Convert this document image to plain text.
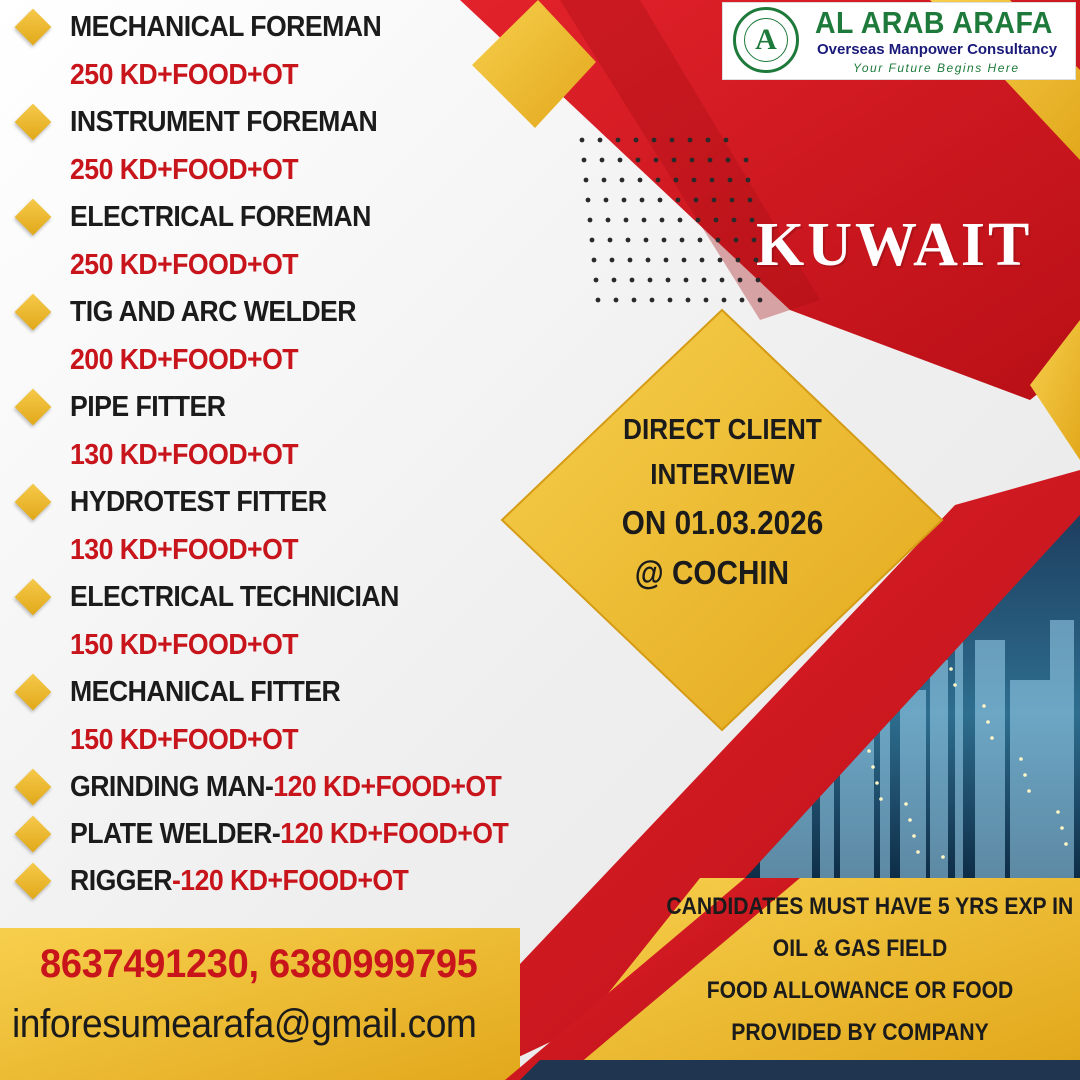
A	AL ARAB ARAFA
Overseas Manpower Consultancy
Your Future Begins Here
KUWAIT
MECHANICAL FOREMAN
250 KD+FOOD+OT
INSTRUMENT FOREMAN
250 KD+FOOD+OT
ELECTRICAL FOREMAN
250 KD+FOOD+OT
TIG AND ARC WELDER
200 KD+FOOD+OT
PIPE FITTER
130 KD+FOOD+OT
HYDROTEST FITTER
130 KD+FOOD+OT
ELECTRICAL TECHNICIAN
150 KD+FOOD+OT
MECHANICAL FITTER
150 KD+FOOD+OT
GRINDING MAN-120 KD+FOOD+OT
PLATE WELDER-120 KD+FOOD+OT
RIGGER-120 KD+FOOD+OT
DIRECT CLIENT
INTERVIEW
ON 01.03.2026
@ COCHIN
8637491230, 6380999795
inforesumearafa@gmail.com
CANDIDATES MUST HAVE 5 YRS EXP IN
OIL & GAS FIELD
FOOD ALLOWANCE OR FOOD
PROVIDED BY COMPANY
